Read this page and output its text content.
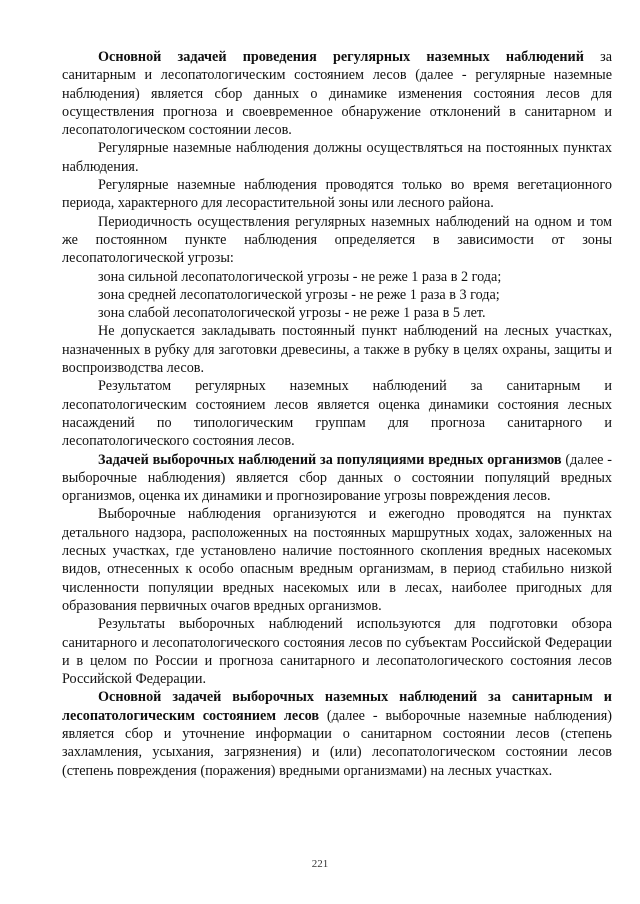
Основной задачей проведения регулярных наземных наблюдений за санитарным и лесопатологическим состоянием лесов (далее - регулярные наземные наблюдения) является сбор данных о динамике изменения состояния лесов для осуществления прогноза и своевременное обнаружение отклонений в санитарном и лесопатологическом состоянии лесов.

Регулярные наземные наблюдения должны осуществляться на постоянных пунктах наблюдения.

Регулярные наземные наблюдения проводятся только во время вегетационного периода, характерного для лесорастительной зоны или лесного района.

Периодичность осуществления регулярных наземных наблюдений на одном и том же постоянном пункте наблюдения определяется в зависимости от зоны лесопатологической угрозы:

зона сильной лесопатологической угрозы - не реже 1 раза в 2 года;

зона средней лесопатологической угрозы - не реже 1 раза в 3 года;

зона слабой лесопатологической угрозы - не реже 1 раза в 5 лет.

Не допускается закладывать постоянный пункт наблюдений на лесных участках, назначенных в рубку для заготовки древесины, а также в рубку в целях охраны, защиты и воспроизводства лесов.

Результатом регулярных наземных наблюдений за санитарным и лесопатологическим состоянием лесов является оценка динамики состояния лесных насаждений по типологическим группам для прогноза санитарного и лесопатологического состояния лесов.

Задачей выборочных наблюдений за популяциями вредных организмов (далее - выборочные наблюдения) является сбор данных о состоянии популяций вредных организмов, оценка их динамики и прогнозирование угрозы повреждения лесов.

Выборочные наблюдения организуются и ежегодно проводятся на пунктах детального надзора, расположенных на постоянных маршрутных ходах, заложенных на лесных участках, где установлено наличие постоянного скопления вредных насекомых видов, отнесенных к особо опасным вредным организмам, в период стабильно низкой численности популяции вредных насекомых или в лесах, наиболее пригодных для образования первичных очагов вредных организмов.

Результаты выборочных наблюдений используются для подготовки обзора санитарного и лесопатологического состояния лесов по субъектам Российской Федерации и в целом по России и прогноза санитарного и лесопатологического состояния лесов Российской Федерации.

Основной задачей выборочных наземных наблюдений за санитарным и лесопатологическим состоянием лесов (далее - выборочные наземные наблюдения) является сбор и уточнение информации о санитарном состоянии лесов (степень захламления, усыхания, загрязнения) и (или) лесопатологическом состоянии лесов (степень повреждения (поражения) вредными организмами) на лесных участках.

221
